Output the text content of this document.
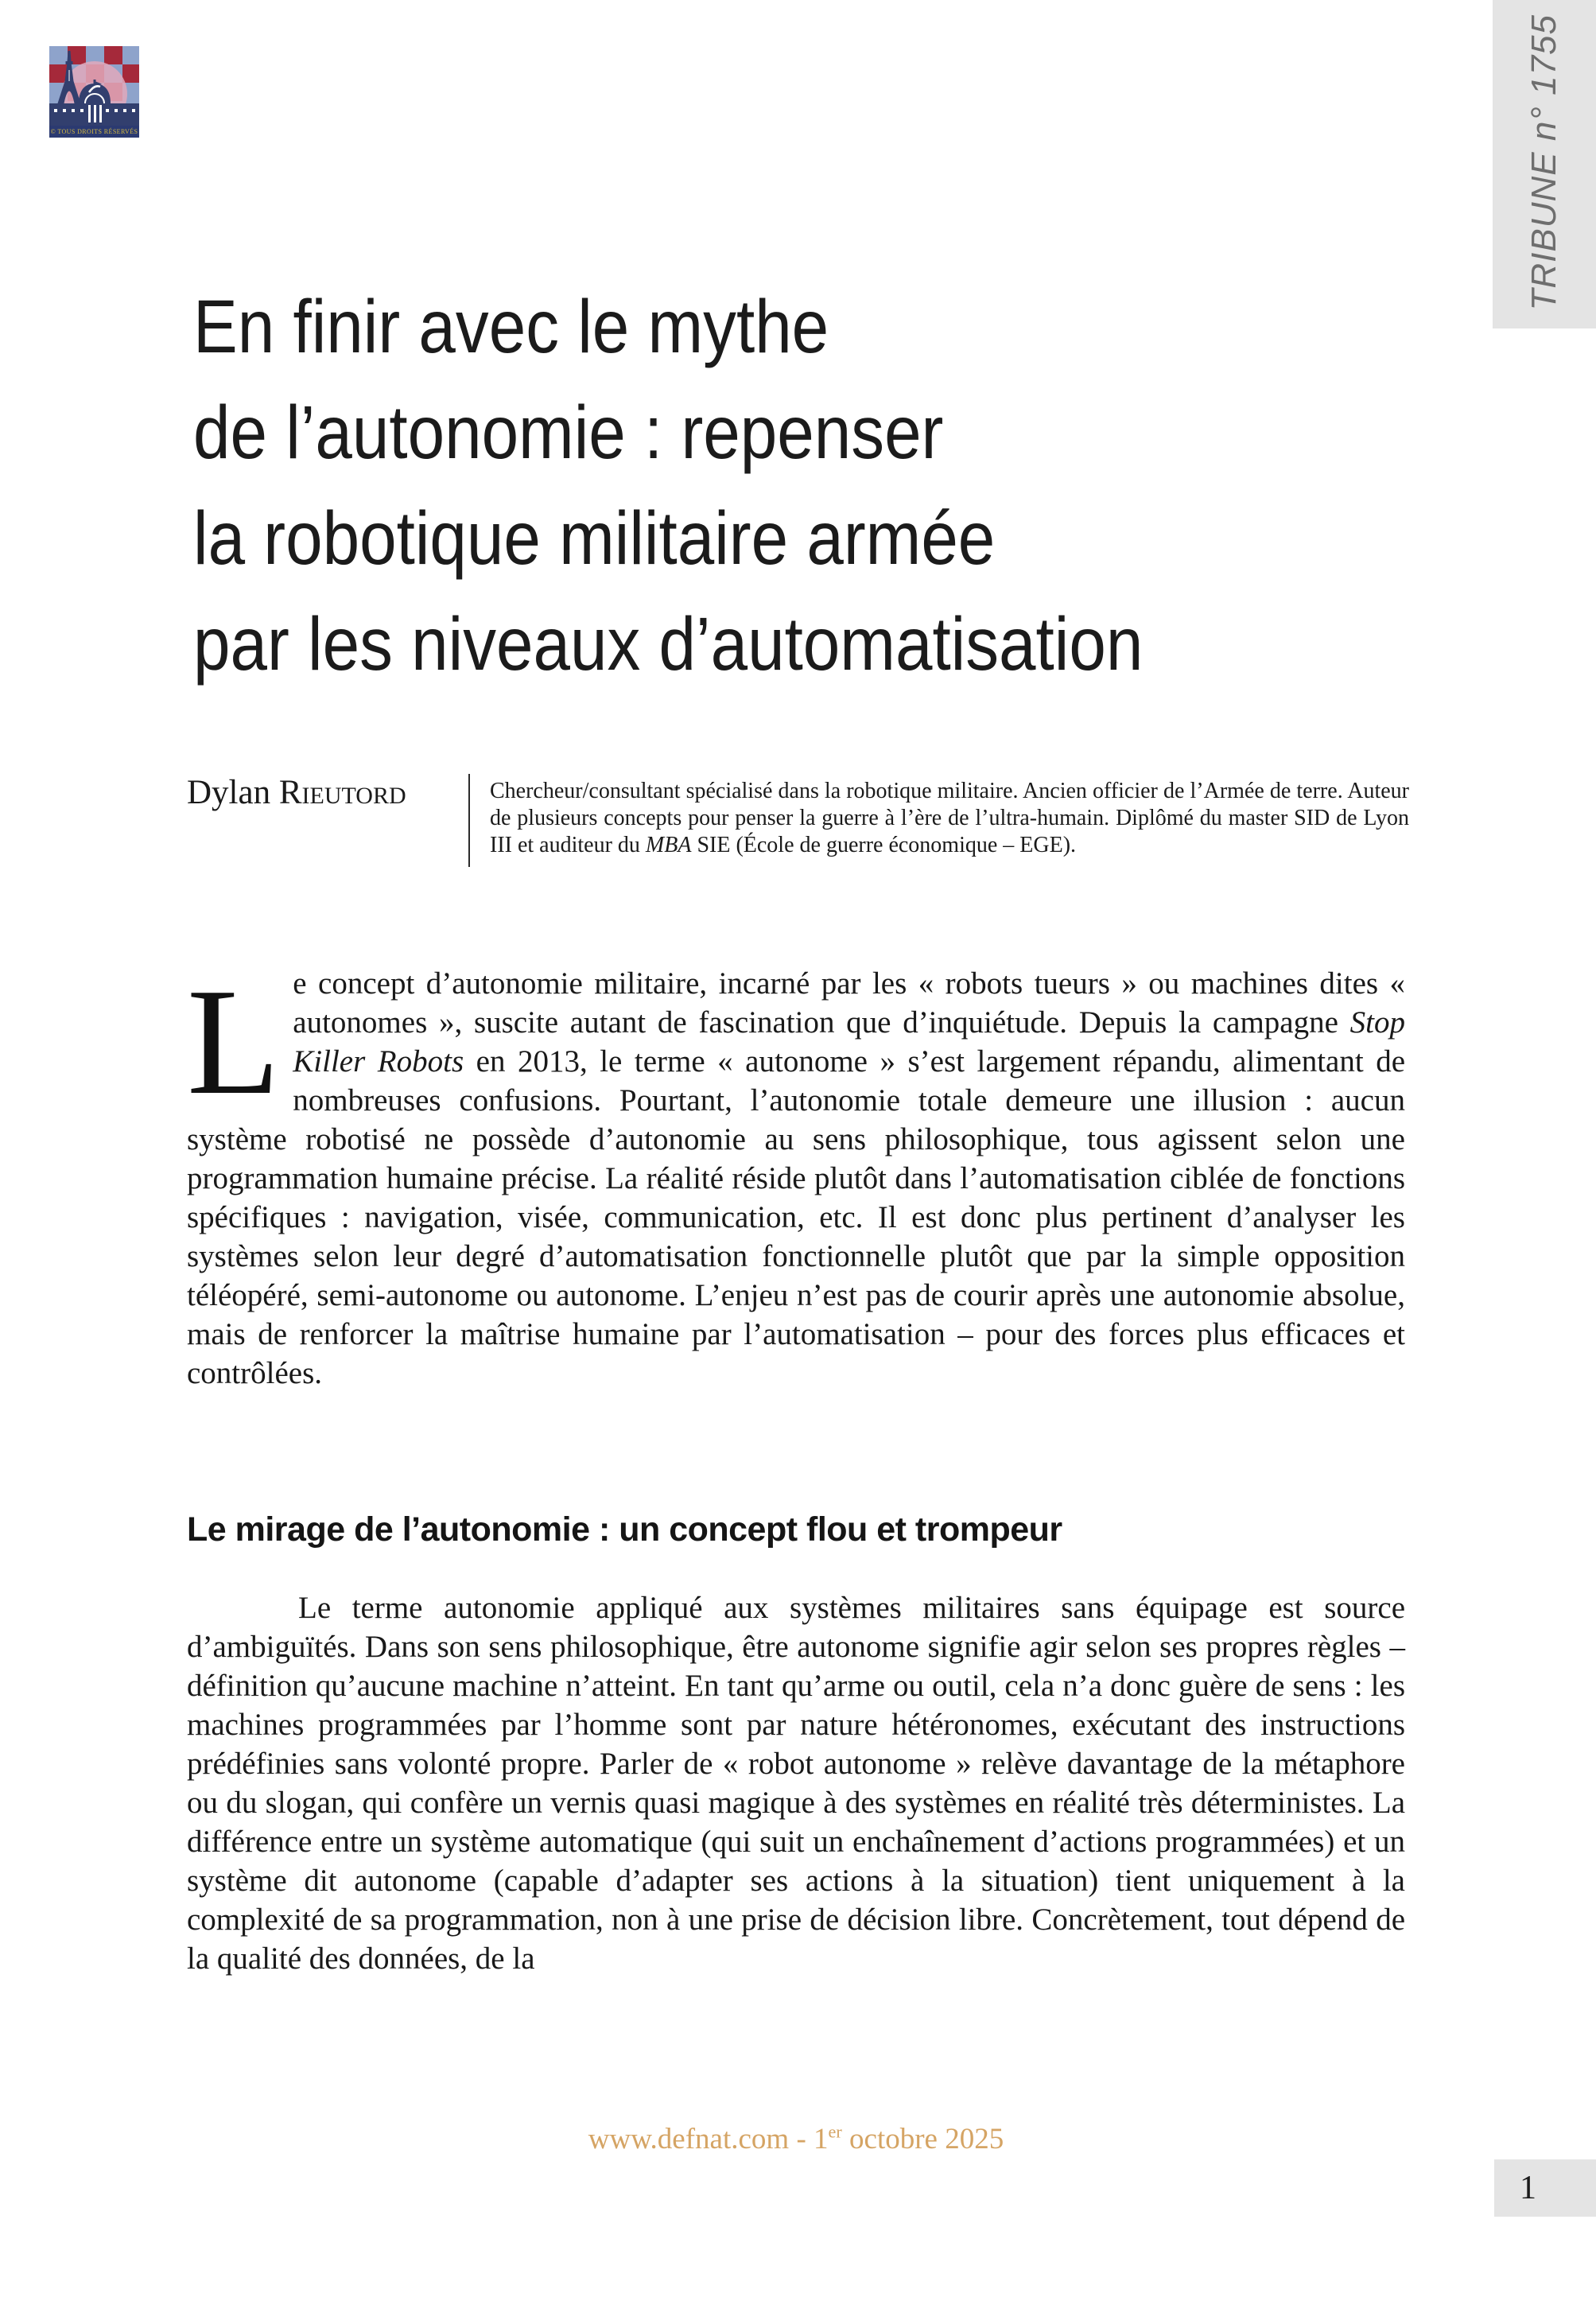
© TOUS DROITS RÉSERVÉS	TRIBUNE n° 1755
En finir avec le mythe
de l’autonomie : repenser
la robotique militaire armée
par les niveaux d’automatisation
Dylan Rieutord	Chercheur/consultant spécialisé dans la robotique militaire. Ancien officier de l’Armée de terre. Auteur de plusieurs concepts pour penser la guerre à l’ère de l’ultra-humain. Diplômé du master SID de Lyon III et auditeur du MBA SIE (École de guerre économique – EGE).

Le concept d’autonomie militaire, incarné par les « robots tueurs » ou machines dites « autonomes », suscite autant de fascination que d’inquiétude. Depuis la campagne Stop Killer Robots en 2013, le terme « autonome » s’est largement répandu, alimentant de nombreuses confusions. Pourtant, l’autonomie totale demeure une illusion : aucun système robotisé ne possède d’autonomie au sens philosophique, tous agissent selon une programmation humaine précise. La réalité réside plutôt dans l’automatisation ciblée de fonctions spécifiques : navigation, visée, communication, etc. Il est donc plus pertinent d’analyser les systèmes selon leur degré d’automatisation fonctionnelle plutôt que par la simple opposition téléopéré, semi-autonome ou autonome. L’enjeu n’est pas de courir après une autonomie absolue, mais de renforcer la maîtrise humaine par l’automatisation – pour des forces plus efficaces et contrôlées.

Le mirage de l’autonomie : un concept flou et trompeur

Le terme autonomie appliqué aux systèmes militaires sans équipage est source d’ambiguïtés. Dans son sens philosophique, être autonome signifie agir selon ses propres règles – définition qu’aucune machine n’atteint. En tant qu’arme ou outil, cela n’a donc guère de sens : les machines programmées par l’homme sont par nature hétéronomes, exécutant des instructions prédéfinies sans volonté propre. Parler de « robot autonome » relève davantage de la métaphore ou du slogan, qui confère un vernis quasi magique à des systèmes en réalité très déterministes. La différence entre un système automatique (qui suit un enchaînement d’actions programmées) et un système dit autonome (capable d’adapter ses actions à la situation) tient uniquement à la complexité de sa programmation, non à une prise de décision libre. Concrètement, tout dépend de la qualité des données, de la

www.defnat.com - 1er octobre 2025
1
